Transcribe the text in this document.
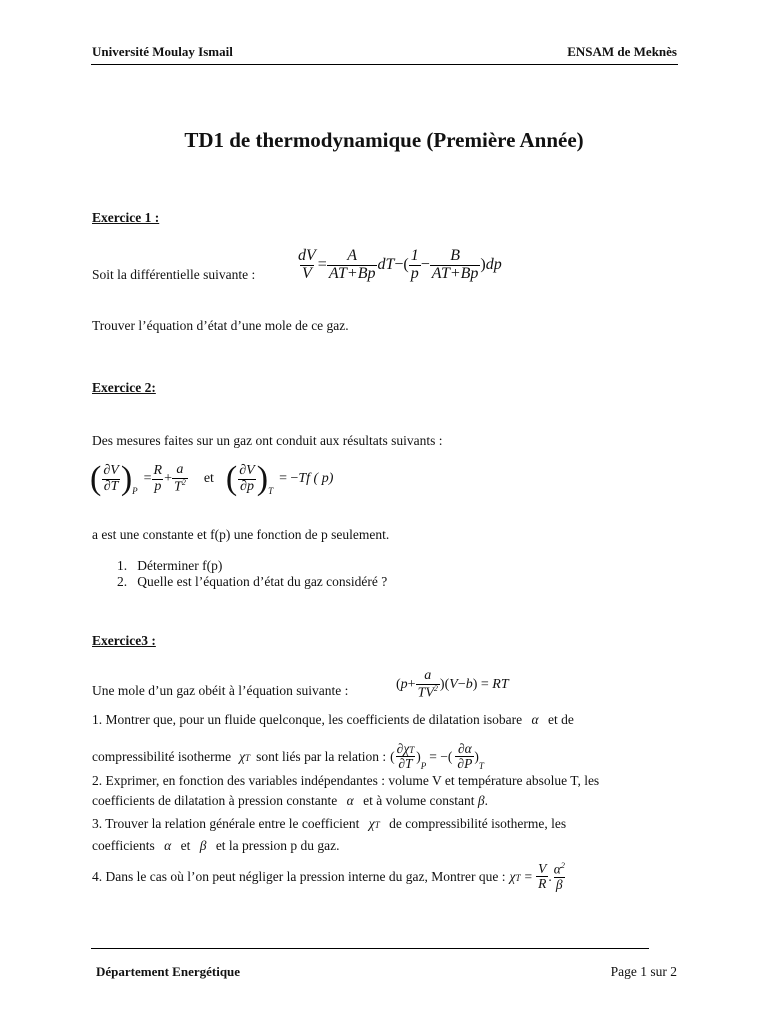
Université Moulay Ismail	ENSAM de Meknès
TD1 de thermodynamique (Première Année)
Exercice 1 :
Soit la différentielle suivante :	$\frac{dV}{V} = \frac{A}{AT+Bp}$ dT −( $\frac{1}{p} - \frac{B}{AT+Bp}$ ) dp
Trouver l’équation d’état d’une mole de ce gaz.
Exercice 2:
Des mesures faites sur un gaz ont conduit aux résultats suivants :
( $\frac{\partial V}{\partial T}$ ) P
= $\frac{R}{p} + \frac{a}{T^2}$ et ( $\frac{\partial V}{\partial p}$ ) T
= − Tf ( p)
a est une constante et f(p) une fonction de p seulement.
1.   Déterminer f(p)
2.   Quelle est l’équation d’état du gaz considéré ?
Exercice3 :
Une mole d’un gaz obéit à l’équation suivante :	( $p + \frac{a}{TV^2}$ )( V − b ) = RT
1. Montrer que, pour un fluide quelconque, les coefficients de dilatation isobare α et de
compressibilité isotherme χT sont liés par la relation : ( $\frac{\partial\chi T}{\partial T}$ )
P
= −( $\frac{\partial\alpha}{\partial P}$ )
T
2. Exprimer, en fonction des variables indépendantes : volume V et température absolue T, les
coefficients de dilatation à pression constante α et à volume constant β.
3. Trouver la relation générale entre le coefficient χT de compressibilité isotherme, les
coefficients α et β et la pression p du gaz.
4. Dans le cas où l’on peut négliger la pression interne du gaz, Montrer que : $\chi T = \frac{V}{R}$ . $\frac{\alpha^2}{\beta}$
Département Energétique	Page 1 sur 2
